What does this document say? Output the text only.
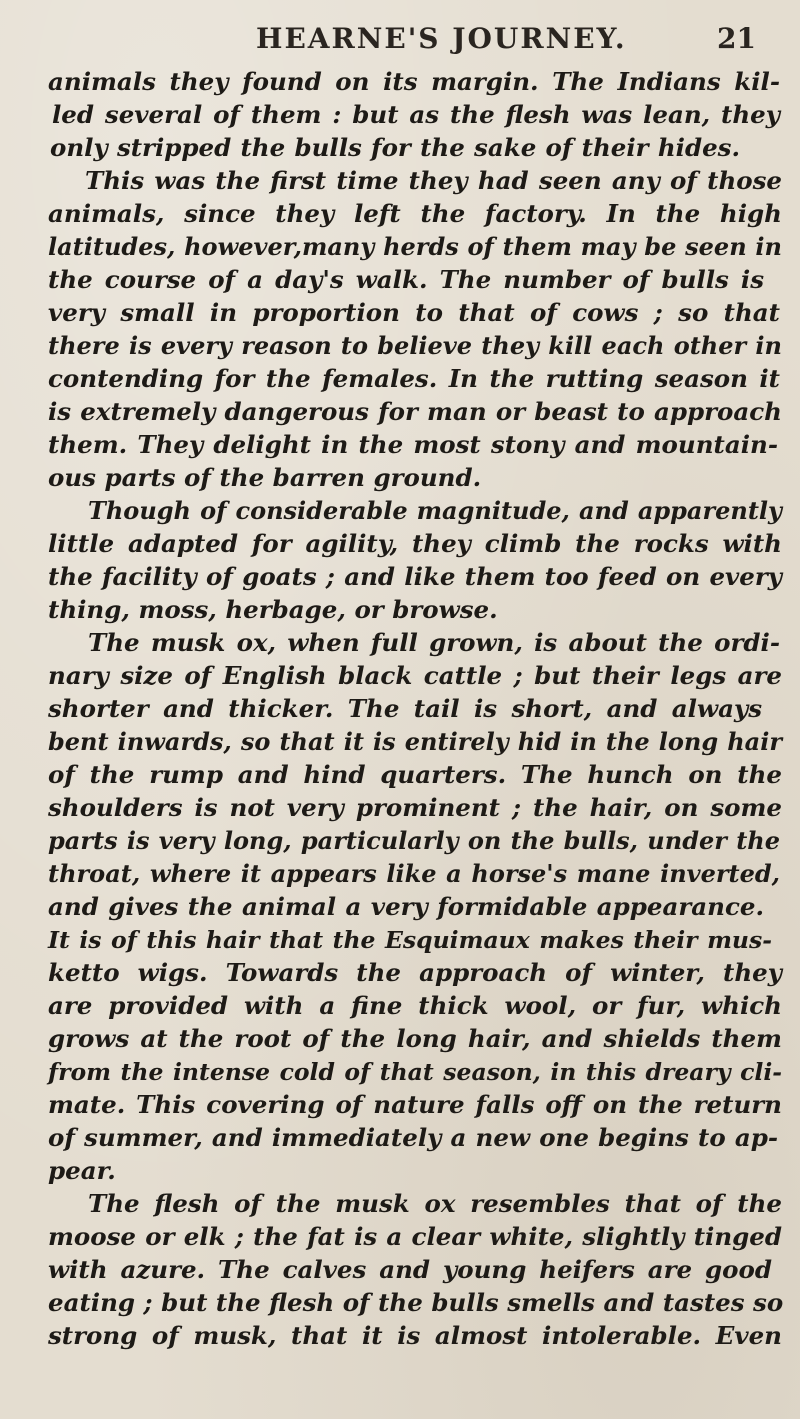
HEARNE'S JOURNEY.	21
animals they found on its margin. The Indians kil-
led several of them : but as the flesh was lean, they
only stripped the bulls for the sake of their hides.
This was the first time they had seen any of those
animals, since they left the factory. In the high
latitudes, however,many herds of them may be seen in
the course of a day's walk. The number of bulls is
very small in proportion to that of cows ; so that
there is every reason to believe they kill each other in
contending for the females. In the rutting season it
is extremely dangerous for man or beast to approach
them. They delight in the most stony and mountain-
ous parts of the barren ground.
Though of considerable magnitude, and apparently
little adapted for agility, they climb the rocks with
the facility of goats ; and like them too feed on every
thing, moss, herbage, or browse.
The musk ox, when full grown, is about the ordi-
nary size of English black cattle ; but their legs are
shorter and thicker. The tail is short, and always
bent inwards, so that it is entirely hid in the long hair
of the rump and hind quarters. The hunch on the
shoulders is not very prominent ; the hair, on some
parts is very long, particularly on the bulls, under the
throat, where it appears like a horse's mane inverted,
and gives the animal a very formidable appearance.
It is of this hair that the Esquimaux makes their mus-
ketto wigs. Towards the approach of winter, they
are provided with a fine thick wool, or fur, which
grows at the root of the long hair, and shields them
from the intense cold of that season, in this dreary cli-
mate. This covering of nature falls off on the return
of summer, and immediately a new one begins to ap-
pear.
The flesh of the musk ox resembles that of the
moose or elk ; the fat is a clear white, slightly tinged
with azure. The calves and young heifers are good
eating ; but the flesh of the bulls smells and tastes so
strong of musk, that it is almost intolerable. Even
